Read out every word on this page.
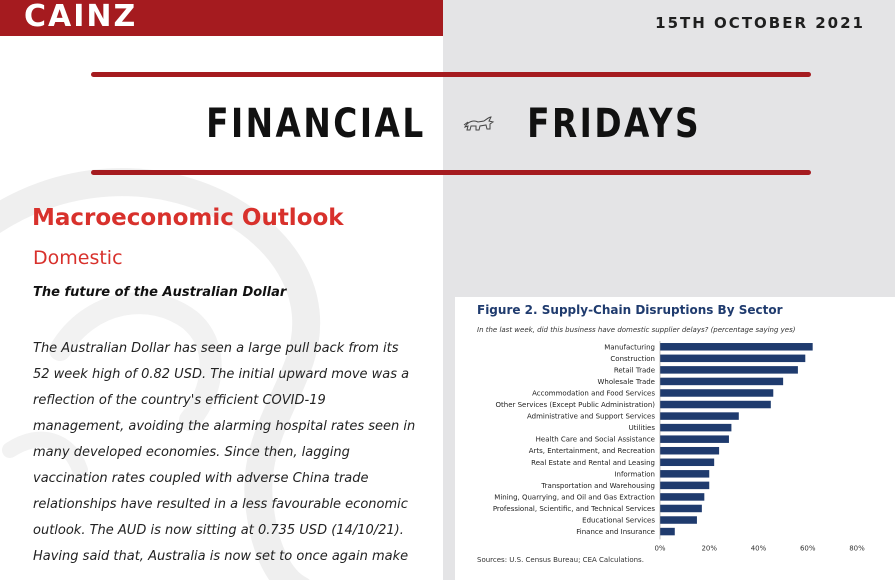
CAINZ	15TH OCTOBER 2021
FINANCIAL	FRIDAYS
Macroeconomic Outlook
Domestic
The future of the Australian Dollar

The Australian Dollar has seen a large pull back from its
52 week high of 0.82 USD. The initial upward move was a
reflection of the country's efficient COVID-19
management, avoiding the alarming hospital rates seen in
many developed economies. Since then, lagging
vaccination rates coupled with adverse China trade
relationships have resulted in a less favourable economic
outlook. The AUD is now sitting at 0.735 USD (14/10/21).
Having said that, Australia is now set to once again make

Figure 2. Supply-Chain Disruptions By Sector
In the last week, did this business have domestic supplier delays? (percentage saying yes)
Manufacturing
Construction
Retail Trade
Wholesale Trade
Accommodation and Food Services
Other Services (Except Public Administration)
Administrative and Support Services
Utilities
Health Care and Social Assistance
Arts, Entertainment, and Recreation
Real Estate and Rental and Leasing
Information
Transportation and Warehousing
Mining, Quarrying, and Oil and Gas Extraction
Professional, Scientific, and Technical Services
Educational Services
Finance and Insurance
0%	20%	40%	60%	80%
Sources: U.S. Census Bureau; CEA Calculations.
